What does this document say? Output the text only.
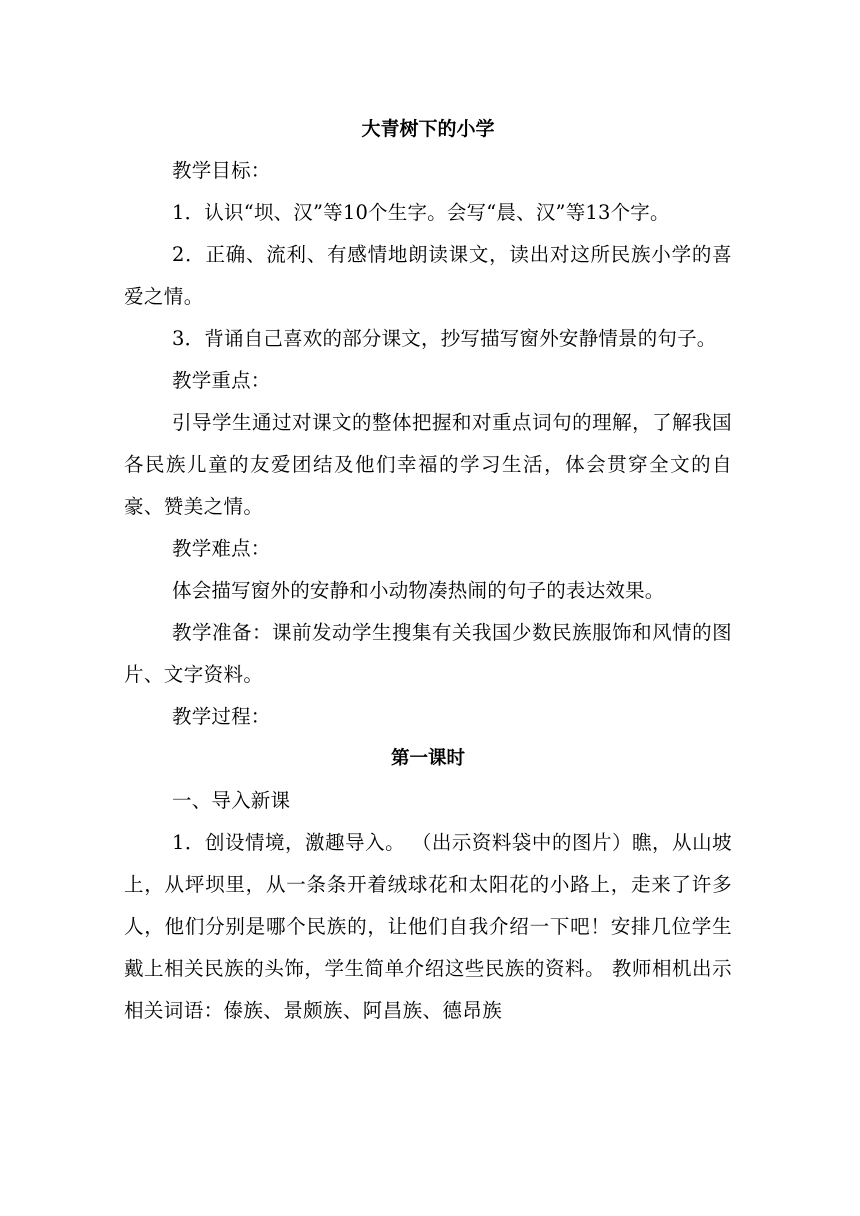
大青树下的小学

教学目标：

1．认识“坝、汉”等10个生字。会写“晨、汉”等13个字。

2．正确、流利、有感情地朗读课文，读出对这所民族小学的喜爱之情。

3．背诵自己喜欢的部分课文，抄写描写窗外安静情景的句子。

教学重点：

引导学生通过对课文的整体把握和对重点词句的理解，了解我国各民族儿童的友爱团结及他们幸福的学习生活，体会贯穿全文的自豪、赞美之情。

教学难点：

体会描写窗外的安静和小动物凑热闹的句子的表达效果。

教学准备：课前发动学生搜集有关我国少数民族服饰和风情的图片、文字资料。

教学过程：

第一课时

一、导入新课

1．创设情境，激趣导入。 （出示资料袋中的图片）瞧，从山坡上，从坪坝里，从一条条开着绒球花和太阳花的小路上，走来了许多人，他们分别是哪个民族的，让他们自我介绍一下吧！安排几位学生戴上相关民族的头饰，学生简单介绍这些民族的资料。 教师相机出示相关词语：傣族、景颇族、阿昌族、德昂族
